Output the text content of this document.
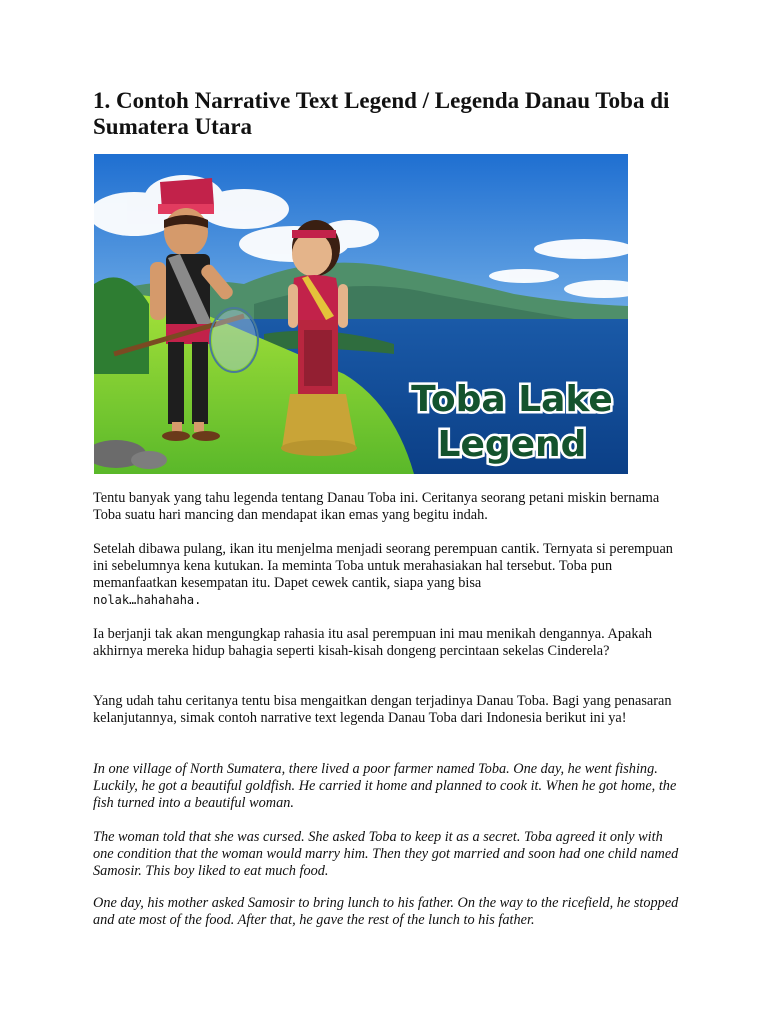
1. Contoh Narrative Text Legend / Legenda Danau Toba di Sumatera Utara
Toba Lake
Legend

Tentu banyak yang tahu legenda tentang Danau Toba ini. Ceritanya seorang petani miskin bernama Toba suatu hari mancing dan mendapat ikan emas yang begitu indah.

Setelah dibawa pulang, ikan itu menjelma menjadi seorang perempuan cantik. Ternyata si perempuan ini sebelumnya kena kutukan. Ia meminta Toba untuk merahasiakan hal tersebut. Toba pun memanfaatkan kesempatan itu. Dapet cewek cantik, siapa yang bisa
nolak…hahahaha.

Ia berjanji tak akan mengungkap rahasia itu asal perempuan ini mau menikah dengannya. Apakah akhirnya mereka hidup bahagia seperti kisah-kisah dongeng percintaan sekelas Cinderela?

Yang udah tahu ceritanya tentu bisa mengaitkan dengan terjadinya Danau Toba. Bagi yang penasaran kelanjutannya, simak contoh narrative text legenda Danau Toba dari Indonesia berikut ini ya!

In one village of North Sumatera, there lived a poor farmer named Toba. One day, he went fishing. Luckily, he got a beautiful goldfish. He carried it home and planned to cook it. When he got home, the fish turned into a beautiful woman.

The woman told that she was cursed. She asked Toba to keep it as a secret. Toba agreed it only with one condition that the woman would marry him. Then they got married and soon had one child named Samosir. This boy liked to eat much food.

One day, his mother asked Samosir to bring lunch to his father. On the way to the ricefield, he stopped and ate most of the food. After that, he gave the rest of the lunch to his father.
